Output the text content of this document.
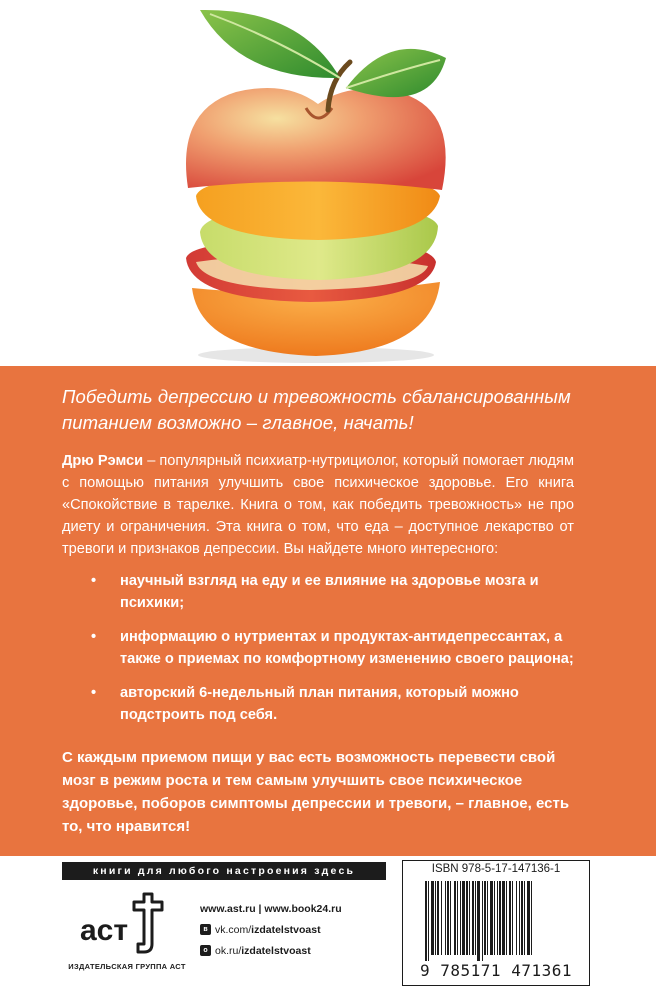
Победить депрессию и тревожность сбалансированным
питанием возможно – главное, начать!

Дрю Рэмси – популярный психиатр-нутрициолог, который помогает людям с помощью питания улучшить свое психическое здоровье. Его книга «Спокойствие в тарелке. Книга о том, как победить тревожность» не про диету и ограничения. Эта книга о том, что еда – доступное лекарство от тревоги и признаков депрессии. Вы найдете много интересного:

• научный взгляд на еду и ее влияние на здоровье мозга и психики;
• информацию о нутриентах и продуктах-антидепрессантах, а также о приемах по комфортному изменению своего рациона;
• авторский 6-недельный план питания, который можно подстроить под себя.

С каждым приемом пищи у вас есть возможность перевести свой мозг в режим роста и тем самым улучшить свое психическое здоровье, поборов симптомы депрессии и тревоги, – главное, есть то, что нравится!

книги для любого настроения здесь
аст
ИЗДАТЕЛЬСКАЯ ГРУППА АСТ
www.ast.ru
|
www.book24.ru
в vk.com/ izdatelstvoast
о ok.ru/ izdatelstvoast
ISBN 978-5-17-147136-1
9 785171 471361
